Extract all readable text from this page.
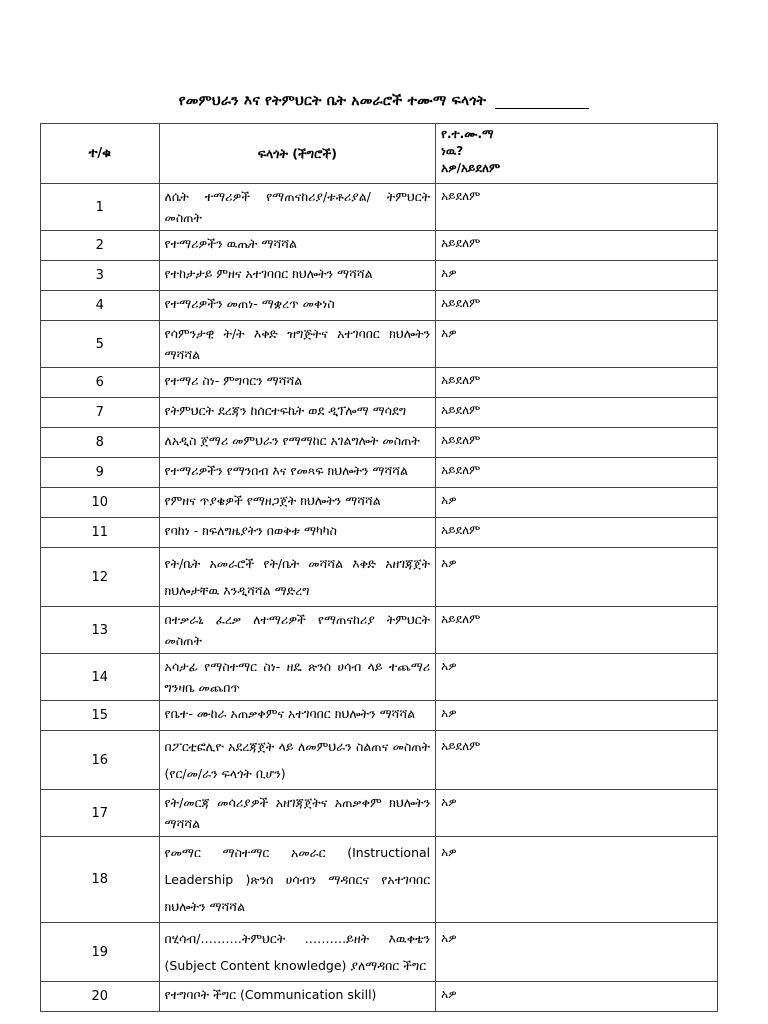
የመምህራን እና የትምህርት ቤት አመራሮች ተሙማ ፍላጎት
ተ/ቁ	ፍላጎት (ችግሮች)	የ.ተ.ሙ.ማ
ነዉ?
አዎ/አይደለም

1	ለሴት ተማሪዎች የማጠናከሪያ/ቱቶሪያል/ ትምህርት መስጠት	አይደለም
2	የተማሪዎችን ዉጤት ማሻሻል	አይደለም
3	የተከታታይ ምዘና አተገባበር ክህሎትን ማሻሻል	አዎ
4	የተማሪዎችን መጠነ- ማቋረጥ መቀነስ	አይደለም
5	የሳምንታዊ ት/ት እቅድ ዝግጅትና አተገባበር ክህሎትን ማሻሻል	አዎ
6	የተማሪ ስነ- ምግባርን ማሻሻል	አይደለም
7	የትምህርት ደረጃን ከሰርተፍኬት ወደ ዲፕሎማ ማሳደግ	አይደለም
8	ለአዲስ ጀማሪ መምህራን የማማከር አገልግሎት መስጠት	አይደለም
9	የተማሪዎችን የማንበብ እና የመጻፍ ክህሎትን ማሻሻል	አይደለም
10	የምዘና ጥያቄዎች የማዘጋጀት ክህሎትን ማሻሻል	አዎ
11	የባከነ - ክፍለግዜያትን በወቅቱ ማካካስ	አይደለም
12	የት/ቤት አመራሮች የት/ቤት መሻሻል እቅድ አዘገጃጀት ክህሎታቸዉ እንዲሻሻል ማድረግ	አዎ
13	በተቃራኒ ፈረቃ ለተማሪዎች የማጠናከሪያ ትምህርት መስጠት	አይደለም
14	አሳታፊ የማስተማር ስነ- ዘዴ ጽንሰ ሀሳብ ላይ ተጨማሪ ግንዛቤ መጨበጥ	አዎ
15	የቤተ- ሙከራ አጠቃቀምና አተገባበር ክህሎትን ማሻሻል	አዎ
16	በፖርቲፎሊዮ አደረጃጀት ላይ ለመምህራን ስልጠና መስጠት (የር/መ/ራን ፍላጎት ቢሆን)	አይደለም
17	የት/መርጃ መሳሪያዎች አዘገጃጀትና አጠቃቀም ክህሎትን ማሻሻል	አዎ
18	የመማር ማስተማር አመራር (Instructional Leadership )ጽንሰ ሀሳብን ማዳበርና የአተገባበር ክህሎትን ማሻሻል	አዎ
19	በሂሳብ/……….ትምህርት ……….ይዘት እዉቀቴን (Subject Content knowledge) ያለማዳበር ችግር	አዎ
20	የተግባቦት ችግር (Communication skill)	አዎ
